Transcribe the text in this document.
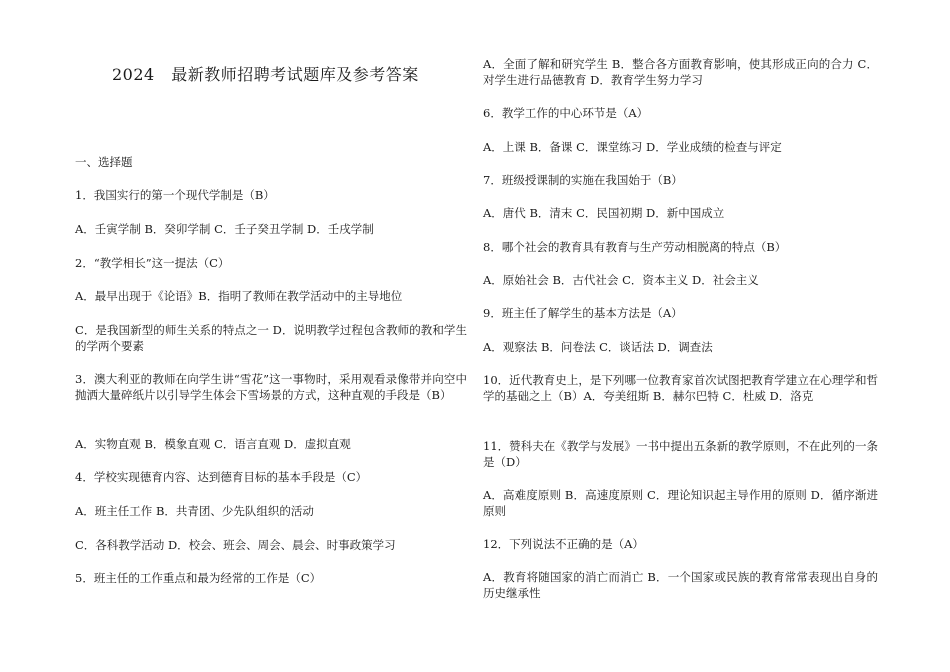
2024　最新教师招聘考试题库及参考答案

一、选择题

1．我国实行的第一个现代学制是（B）

A．壬寅学制 B．癸卯学制 C．壬子癸丑学制 D．壬戌学制

2．“教学相长”这一提法（C）

A．最早出现于《论语》B．指明了教师在教学活动中的主导地位

C．是我国新型的师生关系的特点之一 D．说明教学过程包含教师的教和学生的学两个要素

3．澳大利亚的教师在向学生讲“雪花”这一事物时，采用观看录像带并向空中抛洒大量碎纸片以引导学生体会下雪场景的方式，这种直观的手段是（B）

A．实物直观 B．模象直观 C．语言直观 D．虚拟直观

4．学校实现德育内容、达到德育目标的基本手段是（C）

A．班主任工作 B．共青团、少先队组织的活动

C．各科教学活动 D．校会、班会、周会、晨会、时事政策学习

5．班主任的工作重点和最为经常的工作是（C）

A．全面了解和研究学生 B．整合各方面教育影响，使其形成正向的合力 C．对学生进行品德教育 D．教育学生努力学习

6．教学工作的中心环节是（A）

A．上课 B．备课 C．课堂练习 D．学业成绩的检查与评定

7．班级授课制的实施在我国始于（B）

A．唐代 B．清末 C．民国初期 D．新中国成立

8．哪个社会的教育具有教育与生产劳动相脱离的特点（B）

A．原始社会 B．古代社会 C．资本主义 D．社会主义

9．班主任了解学生的基本方法是（A）

A．观察法 B．问卷法 C．谈话法 D．调查法

10．近代教育史上，是下列哪一位教育家首次试图把教育学建立在心理学和哲学的基础之上（B）A．夸美纽斯 B．赫尔巴特 C．杜威 D．洛克

11．赞科夫在《教学与发展》一书中提出五条新的教学原则，不在此列的一条是（D）

A．高难度原则 B．高速度原则 C．理论知识起主导作用的原则 D．循序渐进原则

12．下列说法不正确的是（A）

A．教育将随国家的消亡而消亡 B．一个国家或民族的教育常常表现出自身的历史继承性
